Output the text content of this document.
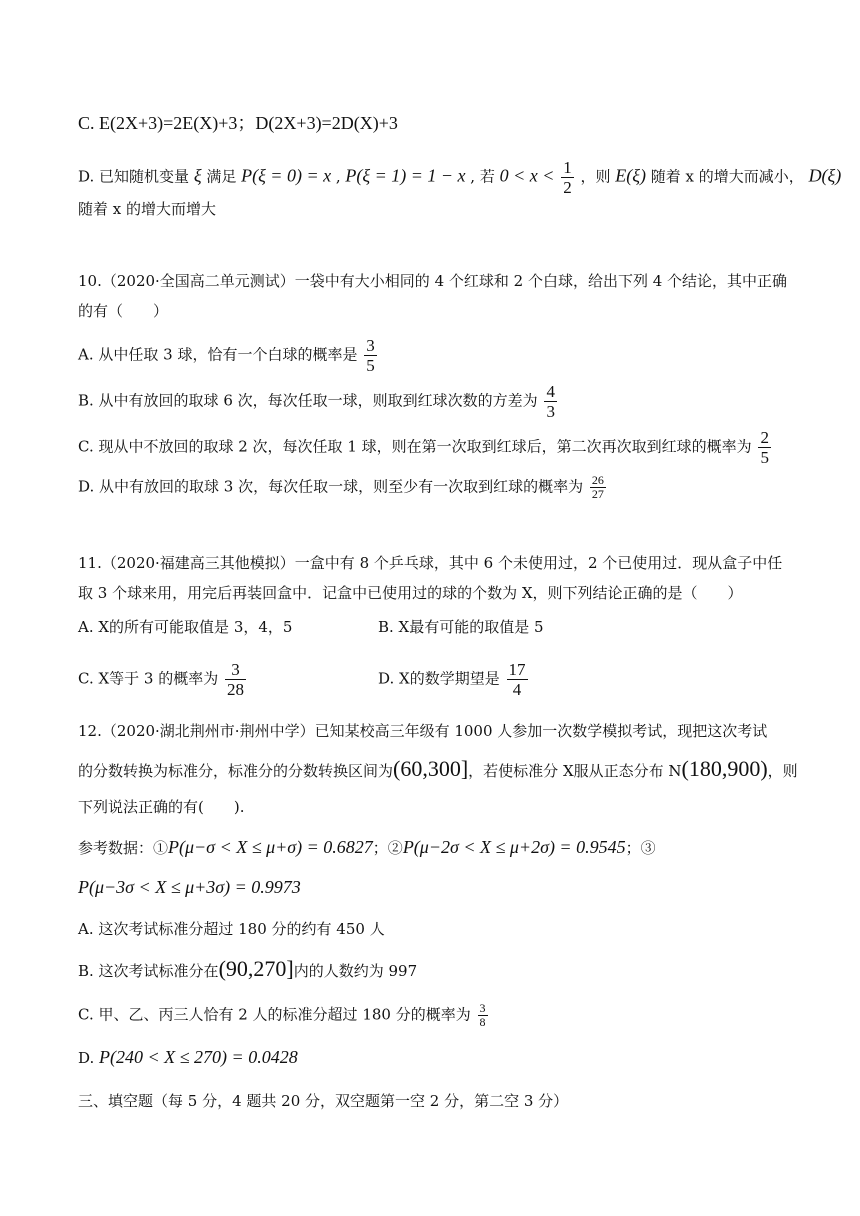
C. E(2X+3)=2E(X)+3；D(2X+3)=2D(X)+3
D. 已知随机变量 ξ 满足 P(ξ = 0) = x , P(ξ = 1) = 1 − x , 若 $0 < x < \frac{1}{2}$ ，则 E(ξ) 随着 x 的增大而减小， D(ξ)
随着 x 的增大而增大
10.（2020·全国高二单元测试）一袋中有大小相同的 4 个红球和 2 个白球，给出下列 4 个结论，其中正确
的有（　　）
A. 从中任取 3 球，恰有一个白球的概率是 $\frac{3}{5}$
B. 从中有放回的取球 6 次，每次任取一球，则取到红球次数的方差为 $\frac{4}{3}$
C. 现从中不放回的取球 2 次，每次任取 1 球，则在第一次取到红球后，第二次再次取到红球的概率为 $\frac{2}{5}$
D. 从中有放回的取球 3 次，每次任取一球，则至少有一次取到红球的概率为 $\frac{26}{27}$
11.（2020·福建高三其他模拟）一盒中有 8 个乒乓球，其中 6 个未使用过，2 个已使用过．现从盒子中任
取 3 个球来用，用完后再装回盒中．记盒中已使用过的球的个数为 X，则下列结论正确的是（　　）
A. X的所有可能取值是 3，4，5	B. X最有可能的取值是 5
C. X等于 3 的概率为 $\frac{3}{28}$	D. X的数学期望是 $\frac{17}{4}$
12.（2020·湖北荆州市·荆州中学）已知某校高三年级有 1000 人参加一次数学模拟考试，现把这次考试
的分数转换为标准分，标准分的分数转换区间为(60,300]，若使标准分 X服从正态分布 N(180,900)，则
下列说法正确的有(　　).
参考数据：①P(μ−σ < X ≤ μ+σ) = 0.6827；②P(μ−2σ < X ≤ μ+2σ) = 0.9545；③
P(μ−3σ < X ≤ μ+3σ) = 0.9973
A. 这次考试标准分超过 180 分的约有 450 人
B. 这次考试标准分在(90,270]内的人数约为 997
C. 甲、乙、丙三人恰有 2 人的标准分超过 180 分的概率为 $\frac{3}{8}$
D. P(240 < X ≤ 270) = 0.0428
三、填空题（每 5 分，4 题共 20 分，双空题第一空 2 分，第二空 3 分）
